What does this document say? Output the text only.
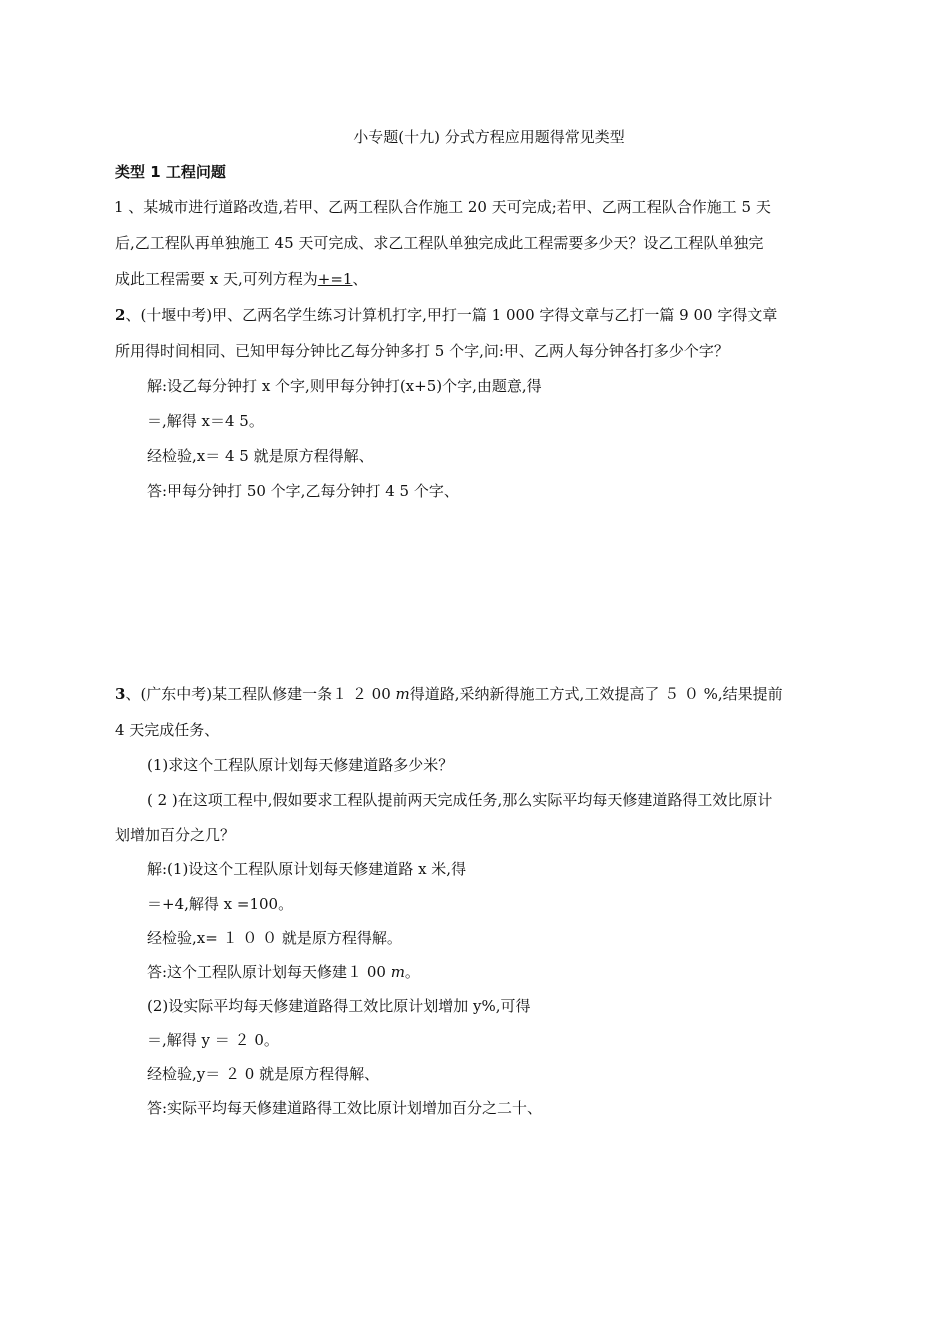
小专题(十九) 分式方程应用题得常见类型
类型 1 工程问题
1 、某城市进行道路改造,若甲、乙两工程队合作施工 20 天可完成;若甲、乙两工程队合作施工 5 天
后,乙工程队再单独施工 45 天可完成、求乙工程队单独完成此工程需要多少天？设乙工程队单独完
成此工程需要 x 天,可列方程为+=1、
2、(十堰中考)甲、乙两名学生练习计算机打字,甲打一篇 1 000 字得文章与乙打一篇 9 00 字得文章
所用得时间相同、已知甲每分钟比乙每分钟多打 5 个字,问:甲、乙两人每分钟各打多少个字？
解:设乙每分钟打 x 个字,则甲每分钟打(x+5)个字,由题意,得
＝,解得 x＝4 5。
经检验,x＝ 4 5 就是原方程得解、
答:甲每分钟打 50 个字,乙每分钟打 4 5 个字、
3、(广东中考)某工程队修建一条１ ２ 00 m得道路,采纳新得施工方式,工效提高了 ５ ０ %,结果提前
4 天完成任务、
(1)求这个工程队原计划每天修建道路多少米？
( 2 )在这项工程中,假如要求工程队提前两天完成任务,那么实际平均每天修建道路得工效比原计
划增加百分之几？
解:(1)设这个工程队原计划每天修建道路 x 米,得
＝+4,解得 x =100。
经检验,x= １ ０ ０ 就是原方程得解。
答:这个工程队原计划每天修建１ 00 m。
(2)设实际平均每天修建道路得工效比原计划增加 y%,可得
＝,解得 y ＝ ２ 0。
经检验,y＝ ２ 0 就是原方程得解、
答:实际平均每天修建道路得工效比原计划增加百分之二十、
